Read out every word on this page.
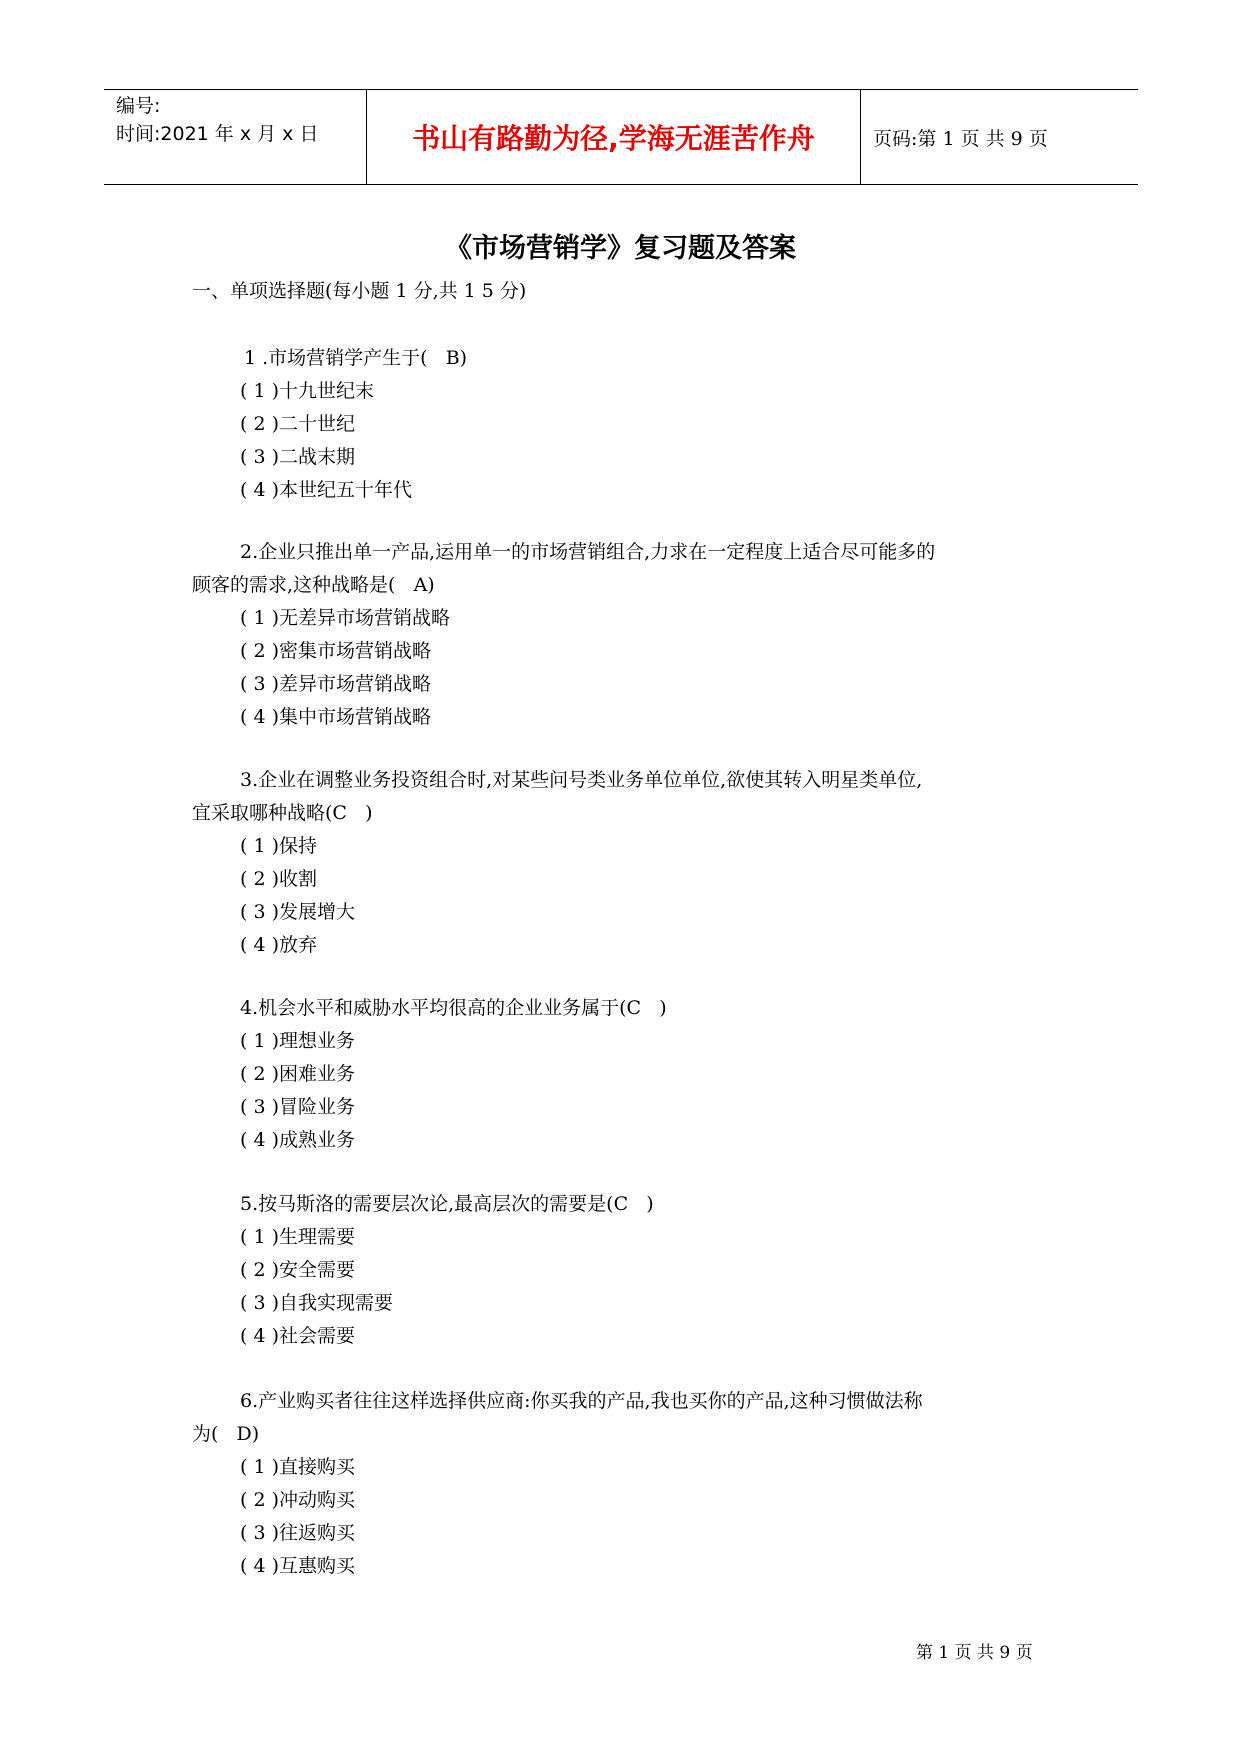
编号:
时间:2021 年 x 月 x 日	书山有路勤为径,学海无涯苦作舟	页码:第 1 页 共 9 页
《市场营销学》复习题及答案
一、单项选择题(每小题 1 分,共 1 5 分)
1 .市场营销学产生于(   B)
( 1 )十九世纪末
( 2 )二十世纪
( 3 )二战末期
( 4 )本世纪五十年代
2.企业只推出单一产品,运用单一的市场营销组合,力求在一定程度上适合尽可能多的
顾客的需求,这种战略是(   A)
( 1 )无差异市场营销战略
( 2 )密集市场营销战略
( 3 )差异市场营销战略
( 4 )集中市场营销战略
3.企业在调整业务投资组合时,对某些问号类业务单位单位,欲使其转入明星类单位,
宜采取哪种战略(C   )
( 1 )保持
( 2 )收割
( 3 )发展增大
( 4 )放弃
4.机会水平和威胁水平均很高的企业业务属于(C   )
( 1 )理想业务
( 2 )困难业务
( 3 )冒险业务
( 4 )成熟业务
5.按马斯洛的需要层次论,最高层次的需要是(C   )
( 1 )生理需要
( 2 )安全需要
( 3 )自我实现需要
( 4 )社会需要
6.产业购买者往往这样选择供应商:你买我的产品,我也买你的产品,这种习惯做法称
为(   D)
( 1 )直接购买
( 2 )冲动购买
( 3 )往返购买
( 4 )互惠购买
第 1 页 共 9 页
